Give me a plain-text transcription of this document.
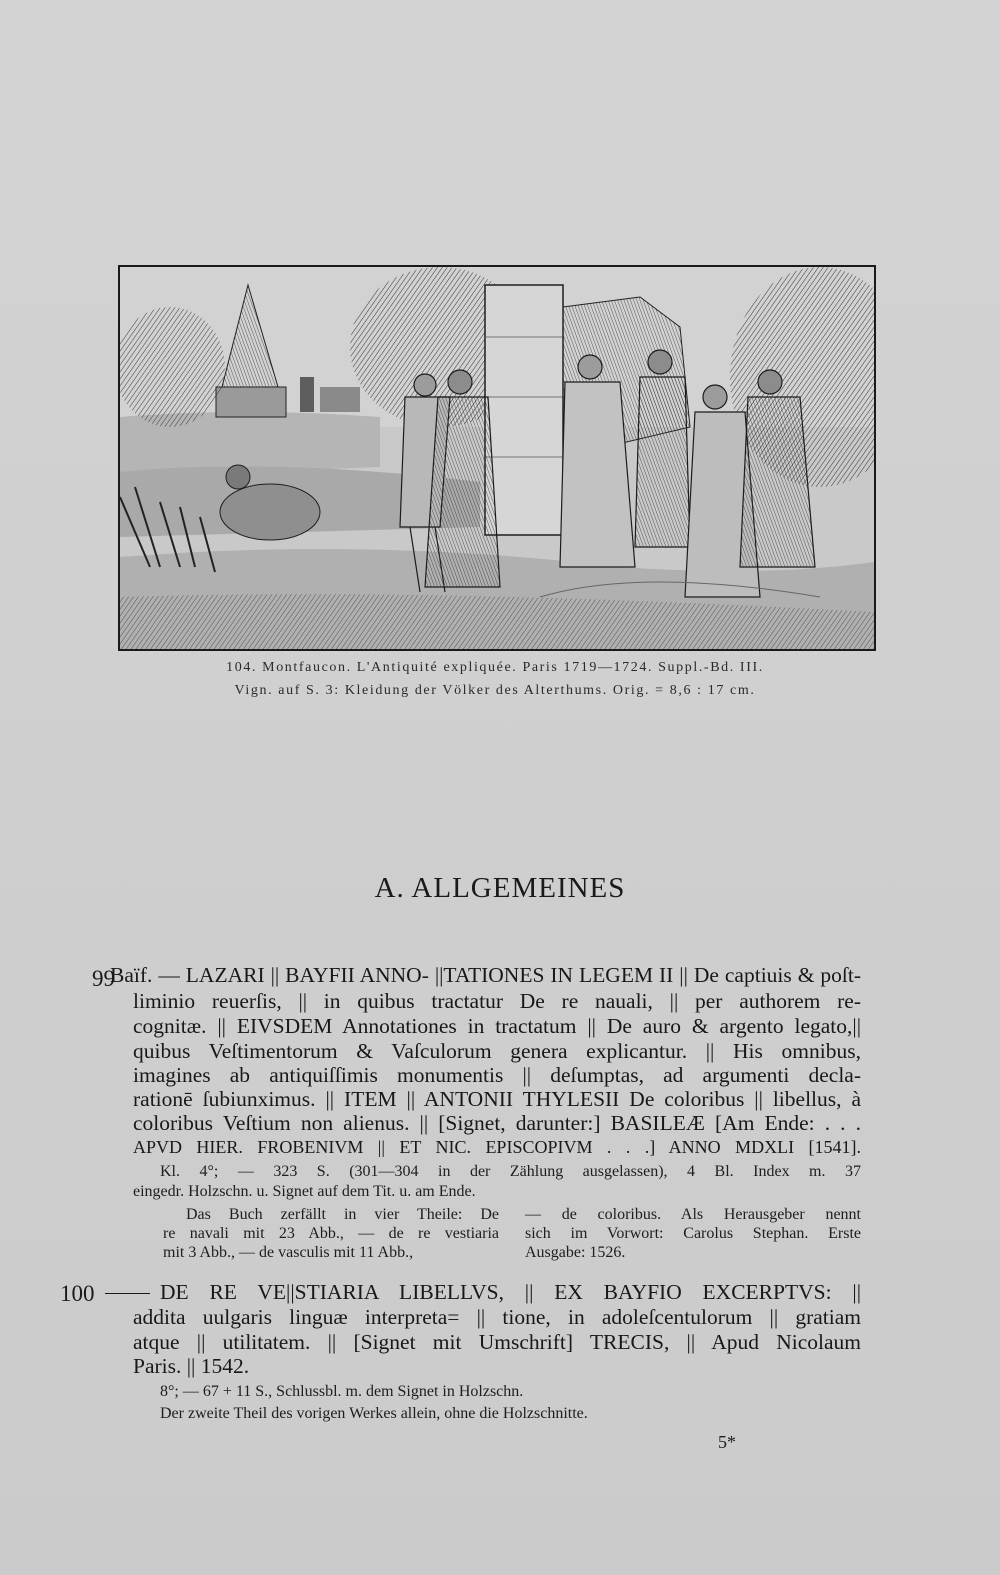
104. Montfaucon. L'Antiquité expliquée. Paris 1719—1724. Suppl.-Bd. III.
Vign. auf S. 3: Kleidung der Völker des Alterthums. Orig. = 8,6 : 17 cm.
A. ALLGEMEINES
99
Baïf. — LAZARI || BAYFII ANNO- ||TATIONES IN LEGEM II || De captiuis & poſt-
liminio reuerſis, || in quibus tractatur De re nauali, || per authorem re-
cognitæ. || EIVSDEM Annotationes in tractatum || De auro & argento legato,||
quibus Veſtimentorum & Vaſculorum genera explicantur. || His omnibus,
imagines ab antiquiſſimis monumentis || deſumptas, ad argumenti decla-
rationē ſubiunximus. || ITEM || ANTONII THYLESII De coloribus || libellus, à
coloribus Veſtium non alienus. || [Signet, darunter:] BASILEÆ [Am Ende: . . .
APVD HIER. FROBENIVM || ET NIC. EPISCOPIVM . . .] ANNO MDXLI [1541].
Kl. 4°; — 323 S. (301—304 in der Zählung ausgelassen), 4 Bl. Index m. 37
eingedr. Holzschn. u. Signet auf dem Tit. u. am Ende.
Das Buch zerfällt in vier Theile: De
re navali mit 23 Abb., — de re vestiaria
mit 3 Abb., — de vasculis mit 11 Abb.,
— de coloribus. Als Herausgeber nennt
sich im Vorwort: Carolus Stephan. Erste
Ausgabe: 1526.
100	DE RE VE||STIARIA LIBELLVS, || EX BAYFIO EXCERPTVS: ||
addita uulgaris linguæ interpreta= || tione, in adoleſcentulorum || gratiam
atque || utilitatem. || [Signet mit Umschrift] TRECIS, || Apud Nicolaum
Paris. || 1542.
8°; — 67 + 11 S., Schlussbl. m. dem Signet in Holzschn.
Der zweite Theil des vorigen Werkes allein, ohne die Holzschnitte.
5*
